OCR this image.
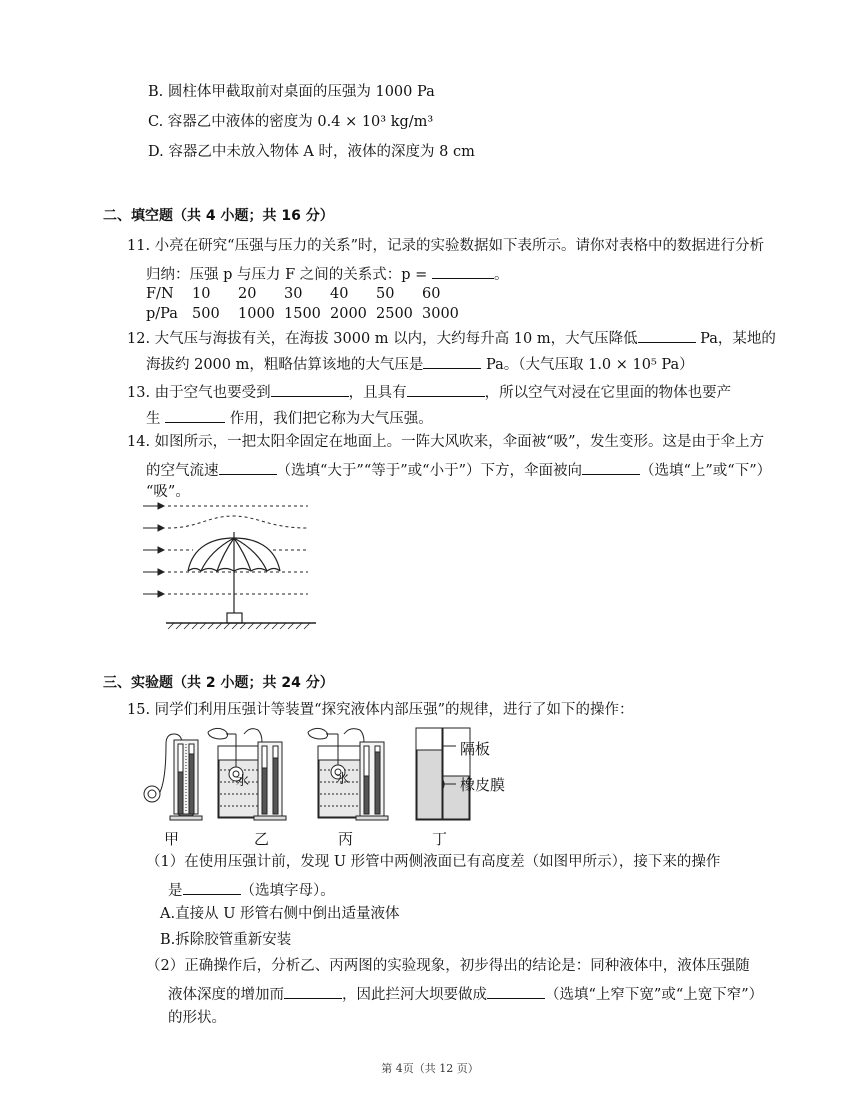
B. 圆柱体甲截取前对桌面的压强为 1000 Pa
C. 容器乙中液体的密度为 0.4 × 10³ kg/m³
D. 容器乙中未放入物体 A 时，液体的深度为 8 cm
二、填空题（共 4 小题；共 16 分）
11. 小亮在研究“压强与压力的关系”时，记录的实验数据如下表所示。请你对表格中的数据进行分析
归纳：压强 p 与压力 F 之间的关系式：p =	。
F/N	10	20	30	40	50	60
p/Pa	500	1000	1500	2000	2500	3000
12. 大气压与海拔有关，在海拔 3000 m 以内，大约每升高 10 m，大气压降低	Pa，某地的
海拔约 2000 m，粗略估算该地的大气压是	Pa。（大气压取 1.0 × 10⁵ Pa）
13. 由于空气也要受到	，且具有	，所以空气对浸在它里面的物体也要产
生	作用，我们把它称为大气压强。
14. 如图所示，一把太阳伞固定在地面上。一阵大风吹来，伞面被“吸”，发生变形。这是由于伞上方
的空气流速	（选填“大于”“等于”或“小于”）下方，伞面被向	（选填“上”或“下”）
“吸”。
三、实验题（共 2 小题；共 24 分）
15. 同学们利用压强计等装置“探究液体内部压强”的规律，进行了如下的操作：
水	水
隔板
橡皮膜
甲	乙	丙	丁
（1）在使用压强计前，发现 U 形管中两侧液面已有高度差（如图甲所示），接下来的操作
是	（选填字母）。
A.直接从 U 形管右侧中倒出适量液体
B.拆除胶管重新安装
（2）正确操作后，分析乙、丙两图的实验现象，初步得出的结论是：同种液体中，液体压强随
液体深度的增加而	，因此拦河大坝要做成	（选填“上窄下宽”或“上宽下窄”）
的形状。
第 4页（共 12 页）
